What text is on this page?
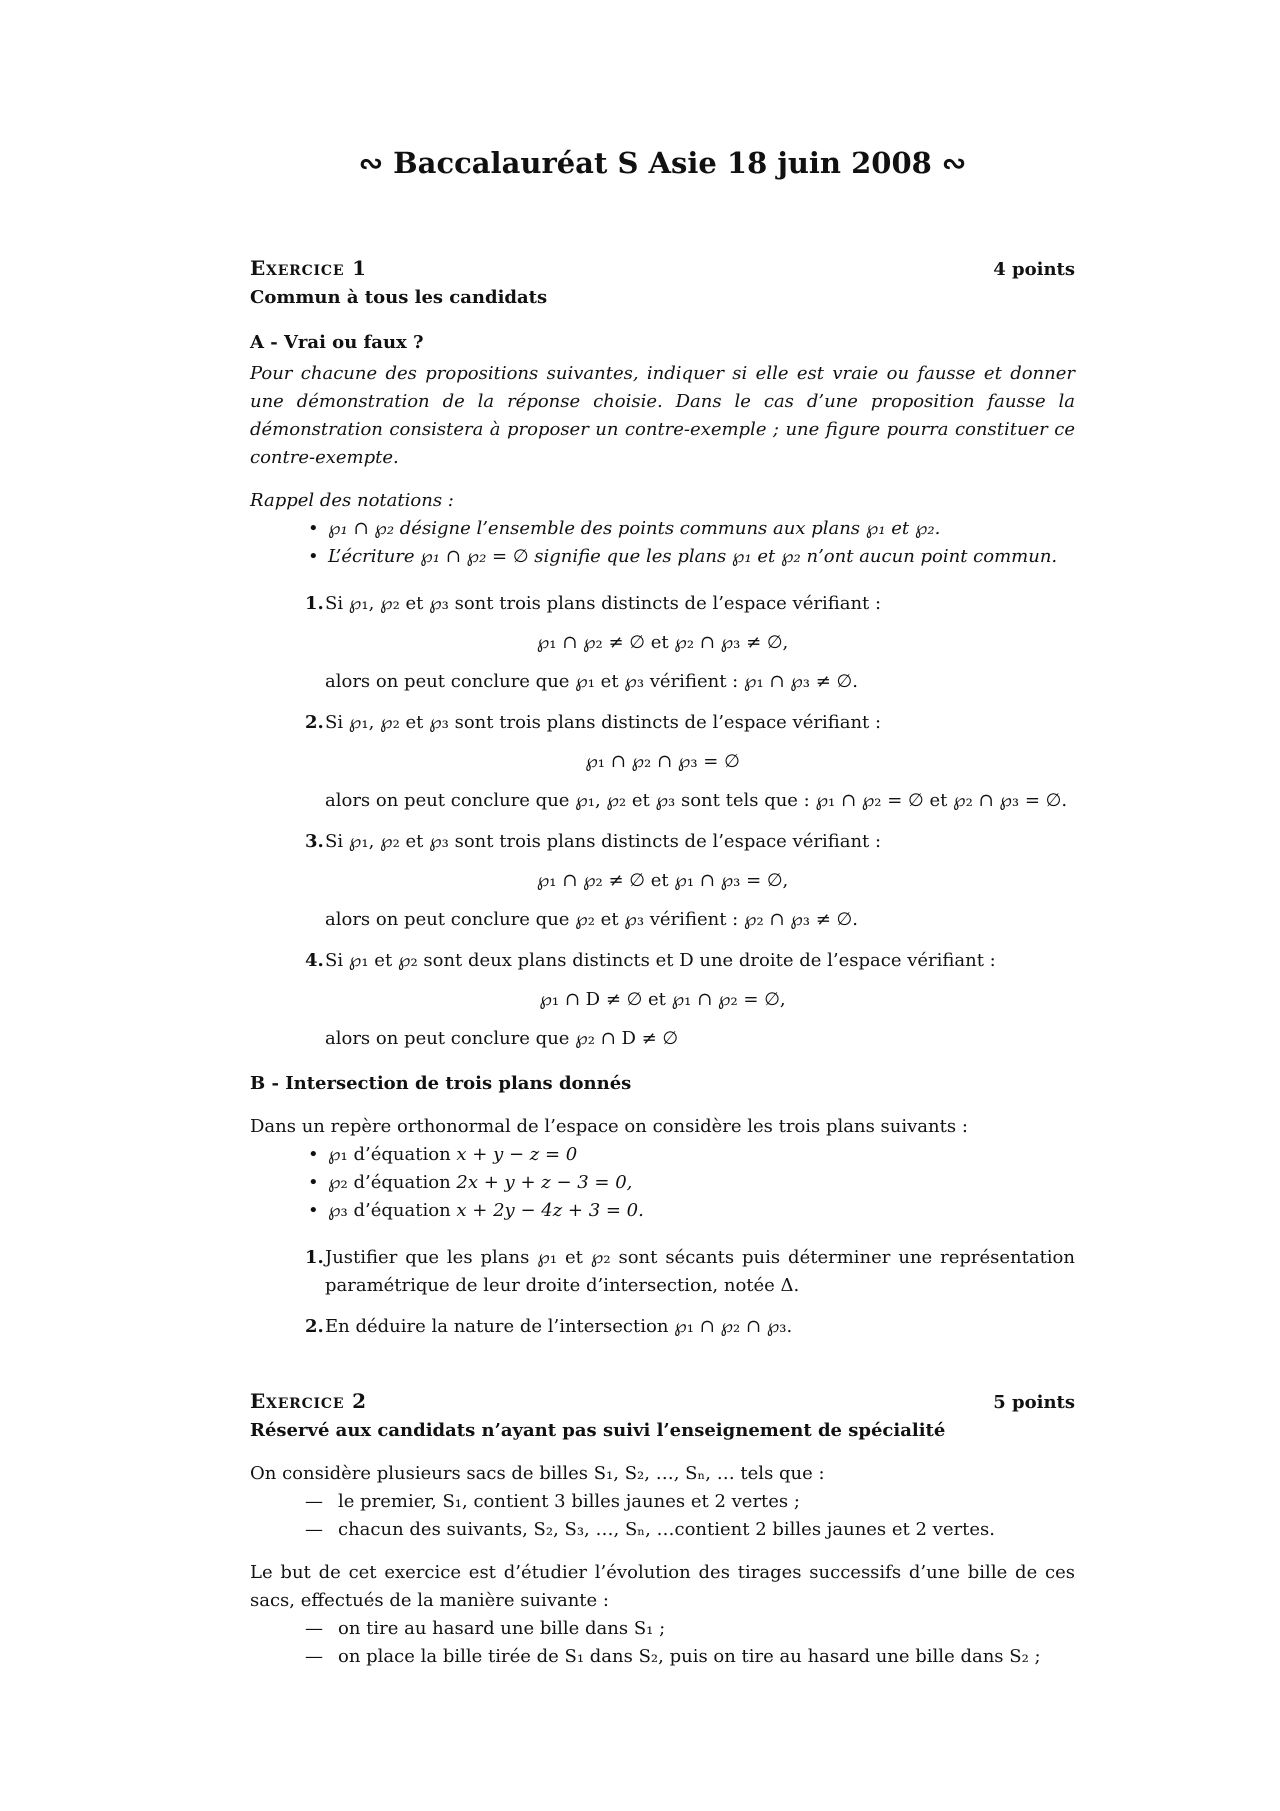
∾ Baccalauréat S Asie 18 juin 2008 ∾
Exercice 1	4 points
Commun à tous les candidats
A - Vrai ou faux ?

Pour chacune des propositions suivantes, indiquer si elle est vraie ou fausse et donner une démonstration de la réponse choisie. Dans le cas d’une proposition fausse la démonstration consistera à proposer un contre-exemple ; une figure pourra constituer ce contre-exempte.

Rappel des notations :
• ℘₁ ∩ ℘₂ désigne l’ensemble des points communs aux plans ℘₁ et ℘₂.
• L’écriture ℘₁ ∩ ℘₂ = ∅ signifie que les plans ℘₁ et ℘₂ n’ont aucun point commun.
1. Si ℘₁, ℘₂ et ℘₃ sont trois plans distincts de l’espace vérifiant :
℘₁ ∩ ℘₂ ≠ ∅ et ℘₂ ∩ ℘₃ ≠ ∅,
alors on peut conclure que ℘₁ et ℘₃ vérifient : ℘₁ ∩ ℘₃ ≠ ∅.
2. Si ℘₁, ℘₂ et ℘₃ sont trois plans distincts de l’espace vérifiant :
℘₁ ∩ ℘₂ ∩ ℘₃ = ∅
alors on peut conclure que ℘₁, ℘₂ et ℘₃ sont tels que : ℘₁ ∩ ℘₂ = ∅ et ℘₂ ∩ ℘₃ = ∅.
3. Si ℘₁, ℘₂ et ℘₃ sont trois plans distincts de l’espace vérifiant :
℘₁ ∩ ℘₂ ≠ ∅ et ℘₁ ∩ ℘₃ = ∅,
alors on peut conclure que ℘₂ et ℘₃ vérifient : ℘₂ ∩ ℘₃ ≠ ∅.
4. Si ℘₁ et ℘₂ sont deux plans distincts et D une droite de l’espace vérifiant :
℘₁ ∩ D ≠ ∅ et ℘₁ ∩ ℘₂ = ∅,
alors on peut conclure que ℘₂ ∩ D ≠ ∅
B - Intersection de trois plans donnés

Dans un repère orthonormal de l’espace on considère les trois plans suivants :

• ℘₁ d’équation x + y − z = 0
• ℘₂ d’équation 2x + y + z − 3 = 0,
• ℘₃ d’équation x + 2y − 4z + 3 = 0.
1. Justifier que les plans ℘₁ et ℘₂ sont sécants puis déterminer une représentation paramétrique de leur droite d’intersection, notée Δ.
2. En déduire la nature de l’intersection ℘₁ ∩ ℘₂ ∩ ℘₃.
Exercice 2	5 points
Réservé aux candidats n’ayant pas suivi l’enseignement de spécialité

On considère plusieurs sacs de billes S₁, S₂, …, Sₙ, … tels que :

— le premier, S₁, contient 3 billes jaunes et 2 vertes ;
— chacun des suivants, S₂, S₃, …, Sₙ, …contient 2 billes jaunes et 2 vertes.

Le but de cet exercice est d’étudier l’évolution des tirages successifs d’une bille de ces sacs, effectués de la manière suivante :

— on tire au hasard une bille dans S₁ ;
— on place la bille tirée de S₁ dans S₂, puis on tire au hasard une bille dans S₂ ;
